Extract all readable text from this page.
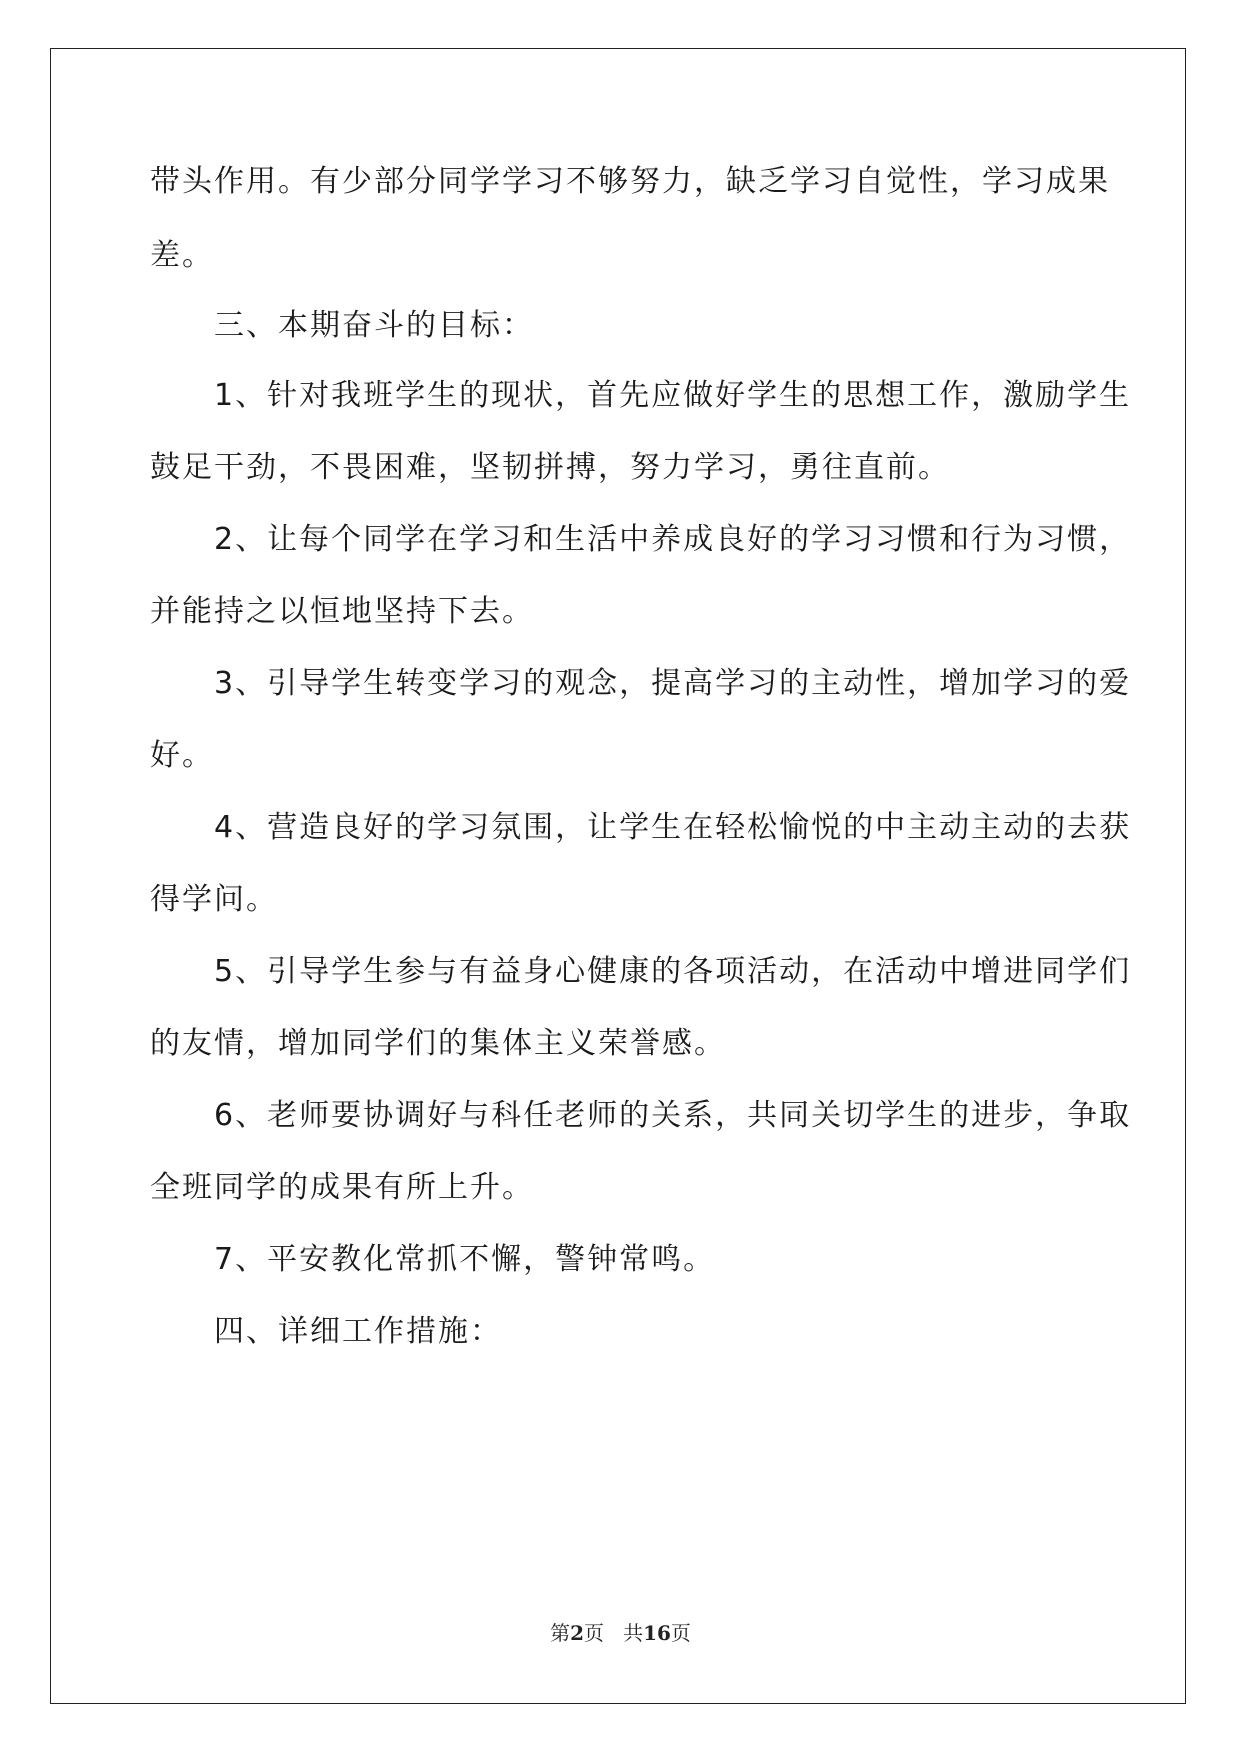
带头作用。有少部分同学学习不够努力，缺乏学习自觉性，学习成果
差。
　　三、本期奋斗的目标：
　　1、针对我班学生的现状，首先应做好学生的思想工作，激励学生
鼓足干劲，不畏困难，坚韧拼搏，努力学习，勇往直前。
　　2、让每个同学在学习和生活中养成良好的学习习惯和行为习惯，
并能持之以恒地坚持下去。
　　3、引导学生转变学习的观念，提高学习的主动性，增加学习的爱
好。
　　4、营造良好的学习氛围，让学生在轻松愉悦的中主动主动的去获
得学问。
　　5、引导学生参与有益身心健康的各项活动，在活动中增进同学们
的友情，增加同学们的集体主义荣誉感。
　　6、老师要协调好与科任老师的关系，共同关切学生的进步，争取
全班同学的成果有所上升。
　　7、平安教化常抓不懈，警钟常鸣。
　　四、详细工作措施：
第2页 共16页
